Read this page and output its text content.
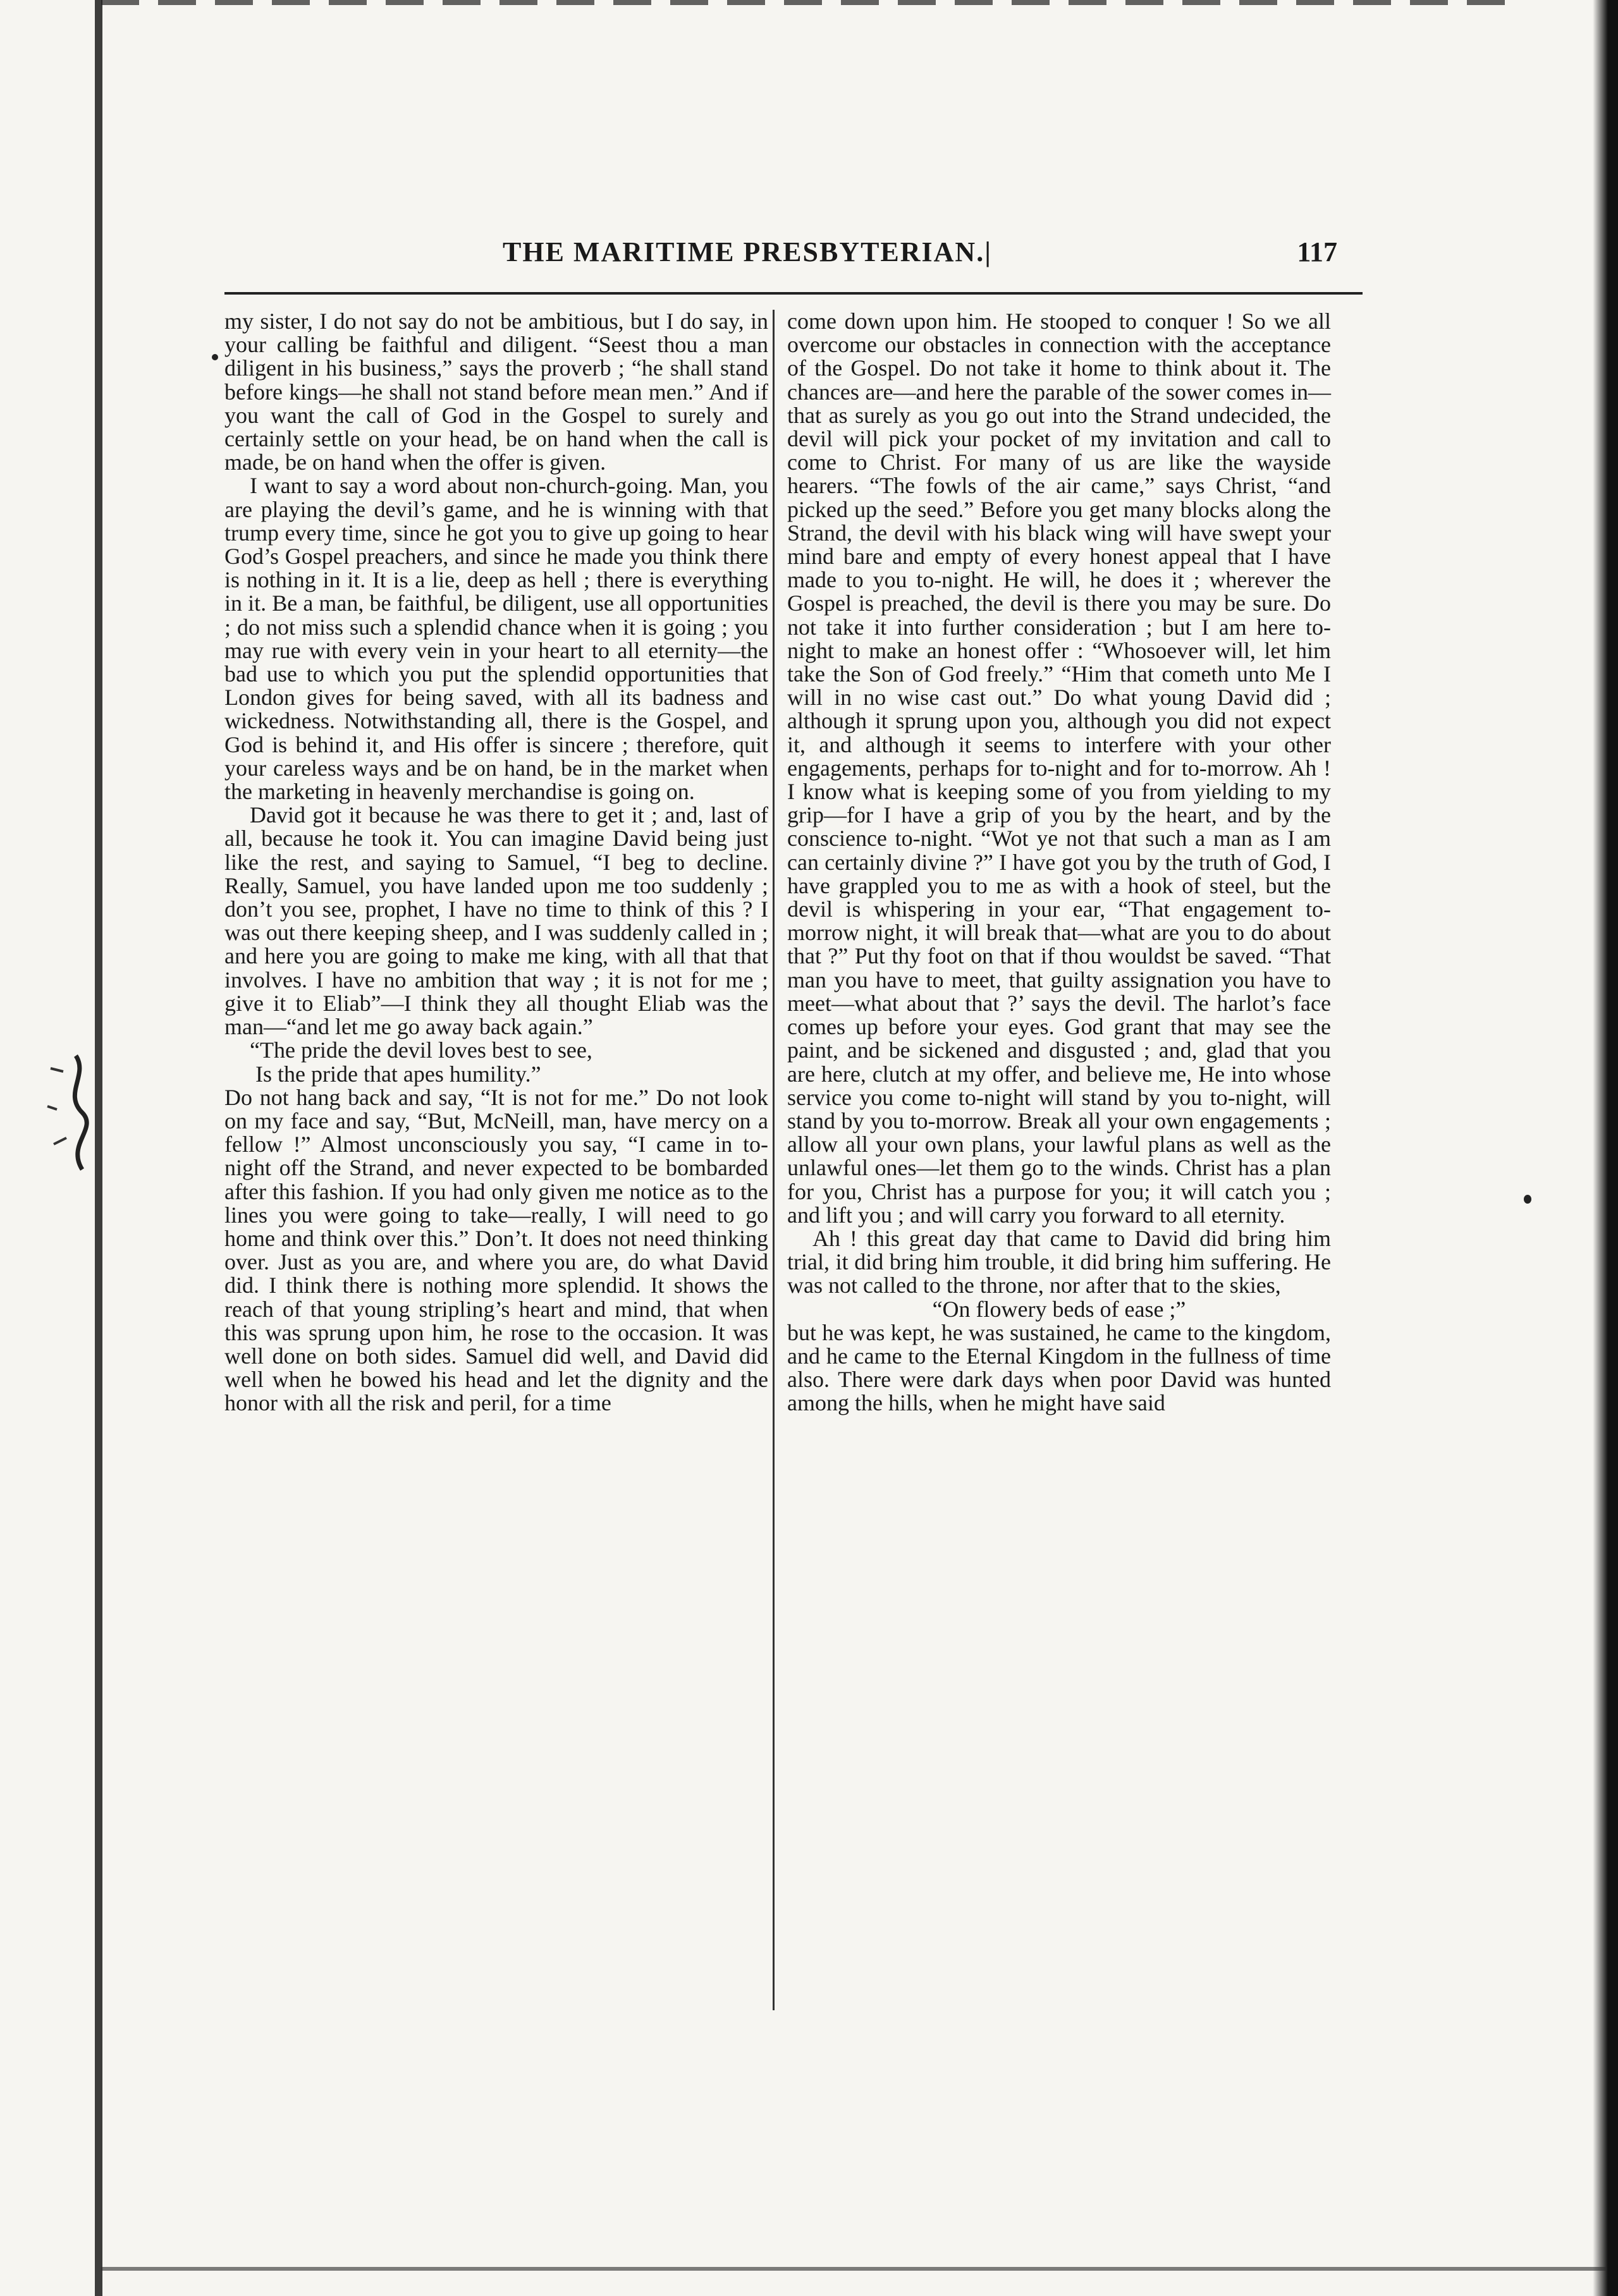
THE MARITIME PRESBYTERIAN.|	117

my sister, I do not say do not be ambitious, but I do say, in your calling be faithful and diligent. “Seest thou a man diligent in his business,” says the proverb ; “he shall stand before kings—he shall not stand before mean men.” And if you want the call of God in the Gospel to surely and certainly settle on your head, be on hand when the call is made, be on hand when the offer is given.

I want to say a word about non-church-going. Man, you are playing the devil’s game, and he is winning with that trump every time, since he got you to give up going to hear God’s Gospel preachers, and since he made you think there is nothing in it. It is a lie, deep as hell ; there is everything in it. Be a man, be faithful, be diligent, use all opportunities ; do not miss such a splendid chance when it is going ; you may rue with every vein in your heart to all eternity—the bad use to which you put the splendid opportunities that London gives for being saved, with all its badness and wickedness. Notwithstanding all, there is the Gospel, and God is behind it, and His offer is sincere ; therefore, quit your careless ways and be on hand, be in the market when the marketing in heavenly merchandise is going on.

David got it because he was there to get it ; and, last of all, because he took it. You can imagine David being just like the rest, and saying to Samuel, “I beg to decline. Really, Samuel, you have landed upon me too suddenly ; don’t you see, prophet, I have no time to think of this ? I was out there keeping sheep, and I was suddenly called in ; and here you are going to make me king, with all that that involves. I have no ambition that way ; it is not for me ; give it to Eliab”—I think they all thought Eliab was the man—“and let me go away back again.”

“The pride the devil loves best to see,
Is the pride that apes humility.”

Do not hang back and say, “It is not for me.” Do not look on my face and say, “But, McNeill, man, have mercy on a fellow !” Almost unconsciously you say, “I came in to-night off the Strand, and never expected to be bombarded after this fashion. If you had only given me notice as to the lines you were going to take—really, I will need to go home and think over this.” Don’t. It does not need thinking over. Just as you are, and where you are, do what David did. I think there is nothing more splendid. It shows the reach of that young stripling’s heart and mind, that when this was sprung upon him, he rose to the occasion. It was well done on both sides. Samuel did well, and David did well when he bowed his head and let the dignity and the honor with all the risk and peril, for a time

come down upon him. He stooped to conquer ! So we all overcome our obstacles in connection with the acceptance of the Gospel. Do not take it home to think about it. The chances are—and here the parable of the sower comes in—that as surely as you go out into the Strand undecided, the devil will pick your pocket of my invitation and call to come to Christ. For many of us are like the wayside hearers. “The fowls of the air came,” says Christ, “and picked up the seed.” Before you get many blocks along the Strand, the devil with his black wing will have swept your mind bare and empty of every honest appeal that I have made to you to-night. He will, he does it ; wherever the Gospel is preached, the devil is there you may be sure. Do not take it into further consideration ; but I am here to-night to make an honest offer : “Whosoever will, let him take the Son of God freely.” “Him that cometh unto Me I will in no wise cast out.” Do what young David did ; although it sprung upon you, although you did not expect it, and although it seems to interfere with your other engagements, perhaps for to-night and for to-morrow. Ah ! I know what is keeping some of you from yielding to my grip—for I have a grip of you by the heart, and by the conscience to-night. “Wot ye not that such a man as I am can certainly divine ?” I have got you by the truth of God, I have grappled you to me as with a hook of steel, but the devil is whispering in your ear, “That engagement to-morrow night, it will break that—what are you to do about that ?” Put thy foot on that if thou wouldst be saved. “That man you have to meet, that guilty assignation you have to meet—what about that ?’ says the devil. The harlot’s face comes up before your eyes. God grant that may see the paint, and be sickened and disgusted ; and, glad that you are here, clutch at my offer, and believe me, He into whose service you come to-night will stand by you to-night, will stand by you to-morrow. Break all your own engagements ; allow all your own plans, your lawful plans as well as the unlawful ones—let them go to the winds. Christ has a plan for you, Christ has a purpose for you; it will catch you ; and lift you ; and will carry you forward to all eternity.

Ah ! this great day that came to David did bring him trial, it did bring him trouble, it did bring him suffering. He was not called to the throne, nor after that to the skies,

“On flowery beds of ease ;”

but he was kept, he was sustained, he came to the kingdom, and he came to the Eternal Kingdom in the fullness of time also. There were dark days when poor David was hunted among the hills, when he might have said
